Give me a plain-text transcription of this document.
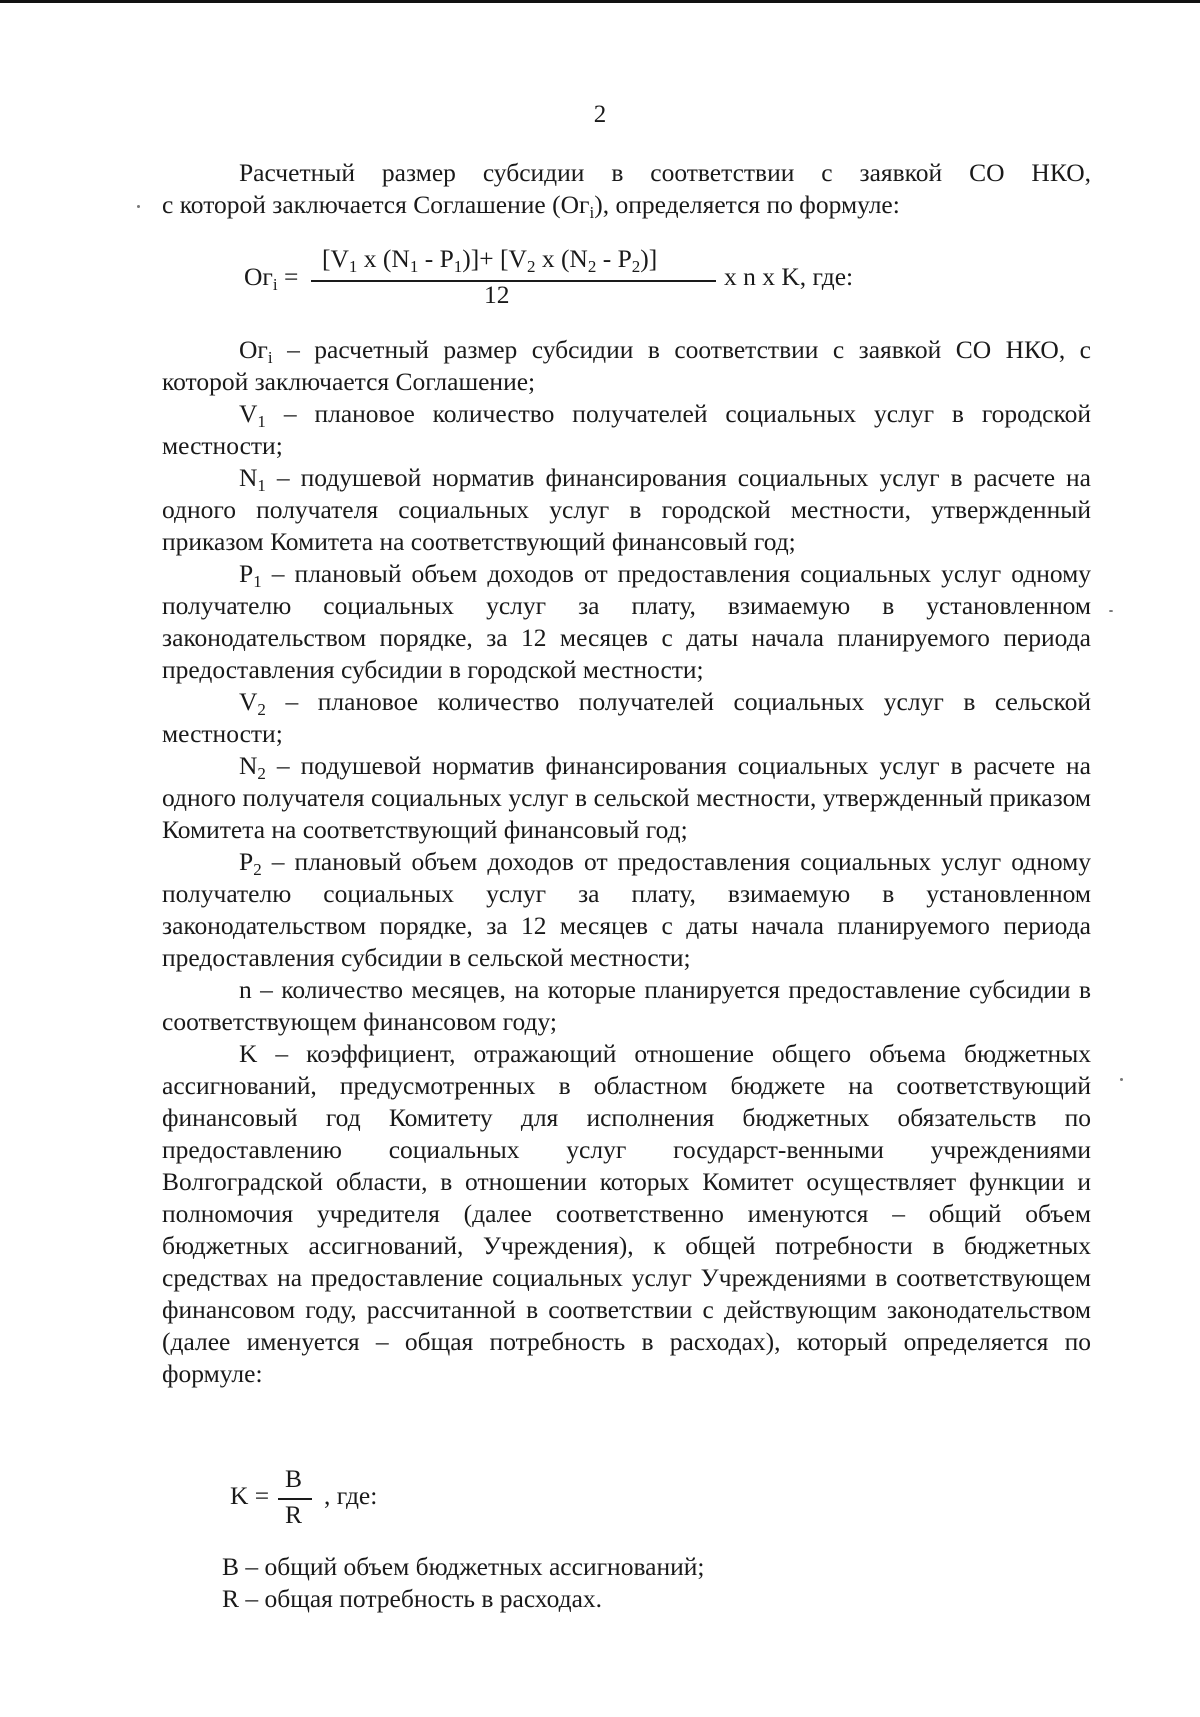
2

Расчетный размер субсидии в соответствии с заявкой СО НКО,

с которой заключается Соглашение $(Ог_i)$, определяется по формуле:

$Ог_i$ =
[$V_1$ x $(N_1 - P_1)]+ [V_2$ x $(N_2 - P_2)$]
12
x n x K, где:

$Ог_i$ – расчетный размер субсидии в соответствии с заявкой СО НКО, с которой заключается Соглашение;

$V_1$ – плановое количество получателей социальных услуг в городской местности;

$N_1$ – подушевой норматив финансирования социальных услуг в расчете на одного получателя социальных услуг в городской местности, утвержденный приказом Комитета на соответствующий финансовый год;

$P_1$ – плановый объем доходов от предоставления социальных услуг одному получателю социальных услуг за плату, взимаемую в установленном законодательством порядке, за 12 месяцев с даты начала планируемого периода предоставления субсидии в городской местности;

$V_2$ – плановое количество получателей социальных услуг в сельской местности;

$N_2$ – подушевой норматив финансирования социальных услуг в расчете на одного получателя социальных услуг в сельской местности, утвержденный приказом Комитета на соответствующий финансовый год;

$P_2$ – плановый объем доходов от предоставления социальных услуг одному получателю социальных услуг за плату, взимаемую в установленном законодательством порядке, за 12 месяцев с даты начала планируемого периода предоставления субсидии в сельской местности;

n – количество месяцев, на которые планируется предоставление субсидии в соответствующем финансовом году;

K – коэффициент, отражающий отношение общего объема бюджетных ассигнований, предусмотренных в областном бюджете на соответствующий финансовый год Комитету для исполнения бюджетных обязательств по предоставлению социальных услуг государст-венными учреждениями Волгоградской области, в отношении которых Комитет осуществляет функции и полномочия учредителя (далее соответственно именуются – общий объем бюджетных ассигнований, Учреждения), к общей потребности в бюджетных средствах на предоставление социальных услуг Учреждениями в соответствующем финансовом году, рассчитанной в соответствии с действующим законодательством (далее именуется – общая потребность в расходах), который определяется по формуле:

K =
B
R
, где:
B – общий объем бюджетных ассигнований;
R – общая потребность в расходах.
